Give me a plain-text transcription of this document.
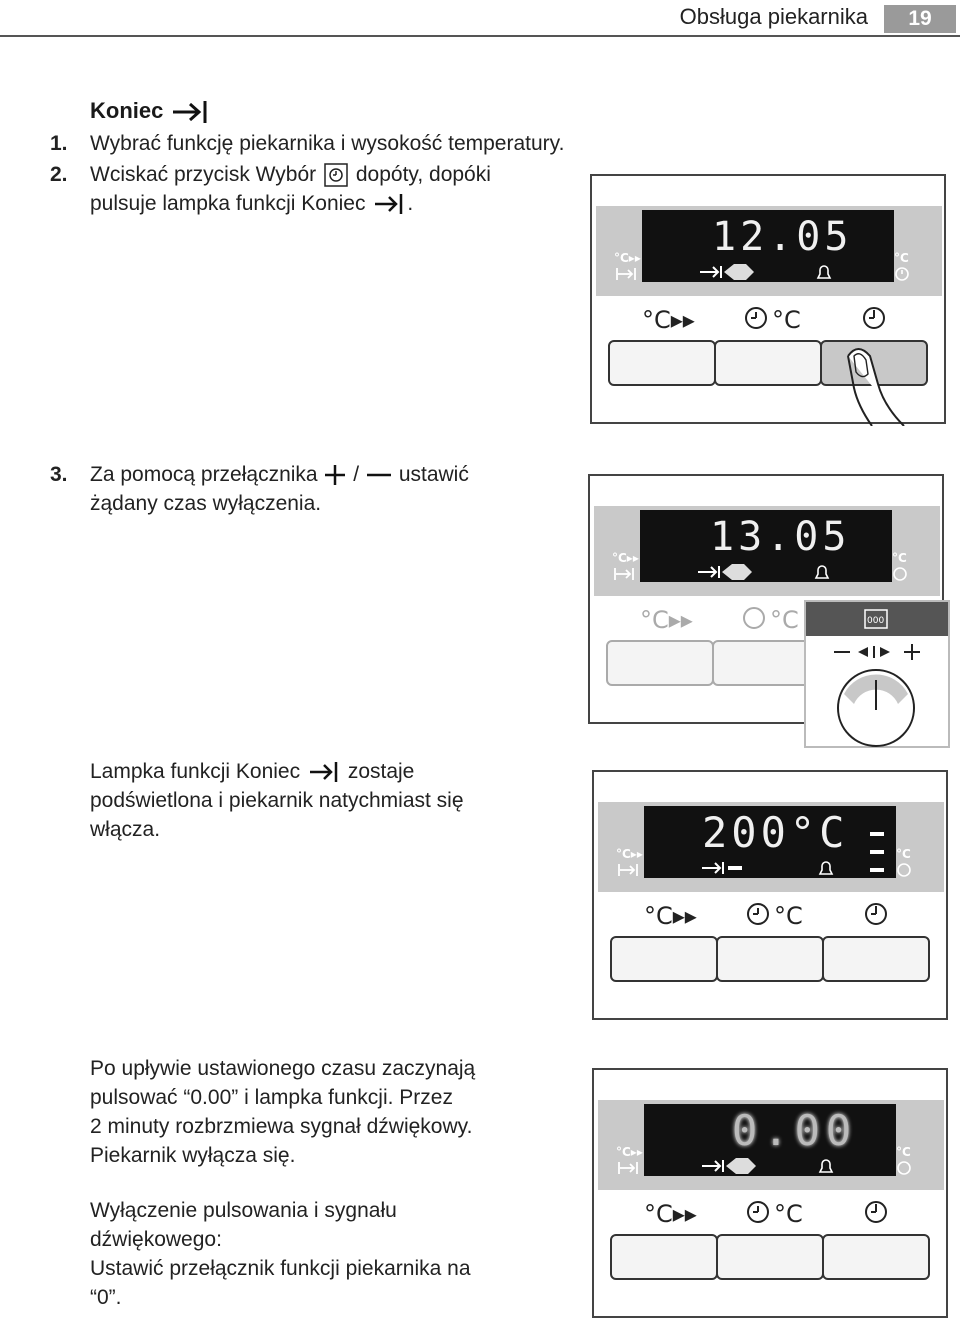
Obsługa piekarnika	19
Koniec
1. Wybrać funkcję piekarnika i wysokość temperatury.
2. Wciskać przycisk Wybór dopóty, dopóki
pulsuje lampka funkcji Koniec .
3. Za pomocą przełącznika / ustawić
żądany czas wyłączenia.
Lampka funkcji Koniec zostaje
podświetlona i piekarnik natychmiast się
włącza.
Po upływie ustawionego czasu zaczynają
pulsować “0.00” i lampka funkcji. Przez
2 minuty rozbrzmiewa sygnał dźwiękowy.
Piekarnik wyłącza się.
Wyłączenie pulsowania i sygnału
dźwiękowego:
Ustawić przełącznik funkcji piekarnika na
“0”.
12.05
°C▸▸	°C
°C▸▸	°C
13.05
°C▸▸	°C
°C▸▸	°C	000
200°C
°C▸▸	°C
°C▸▸	°C
0.00
°C▸▸	°C
°C▸▸	°C
